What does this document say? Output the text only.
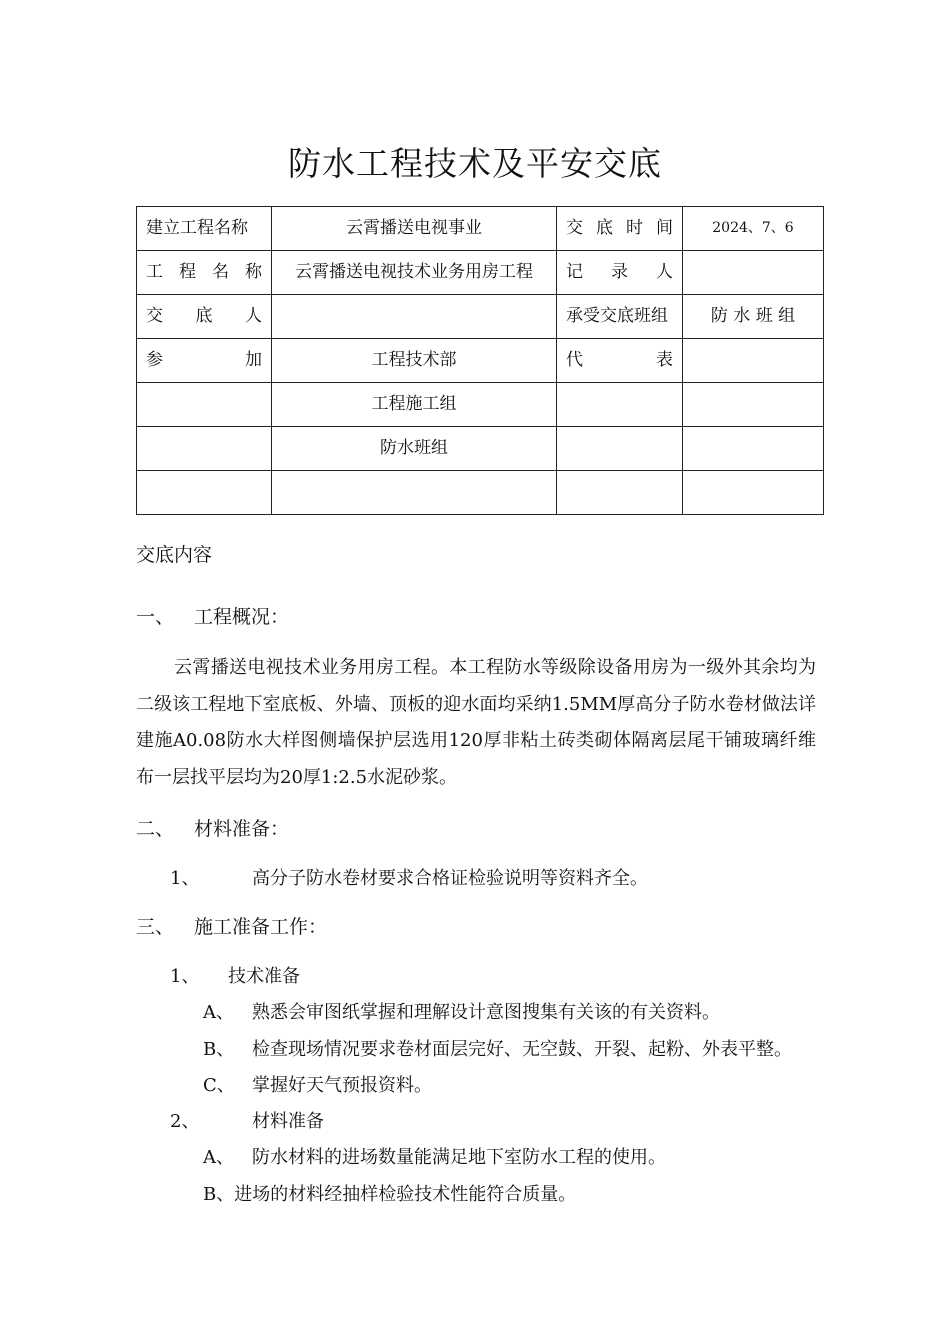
防水工程技术及平安交底
建立工程名称	云霄播送电视事业	交底时间	2024、7、6
工程名称	云霄播送电视技术业务用房工程	记录人	
交底人		承受交底班组	防 水 班 组
参加	工程技术部	代表	
	工程施工组		
	防水班组		

交底内容
一、 工程概况：
云霄播送电视技术业务用房工程。本工程防水等级除设备用房为一级外其余均为二级该工程地下室底板、外墙、顶板的迎水面均采纳1.5MM厚高分子防水卷材做法详建施A0.08防水大样图侧墙保护层选用120厚非粘土砖类砌体隔离层尾干铺玻璃纤维布一层找平层均为20厚1:2.5水泥砂浆。
二、 材料准备：
1、	高分子防水卷材要求合格证检验说明等资料齐全。
三、 施工准备工作：
1、 技术准备
A、 熟悉会审图纸掌握和理解设计意图搜集有关该的有关资料。
B、 检查现场情况要求卷材面层完好、无空鼓、开裂、起粉、外表平整。
C、 掌握好天气预报资料。
2、	材料准备
A、 防水材料的进场数量能满足地下室防水工程的使用。
B、进场的材料经抽样检验技术性能符合质量。
